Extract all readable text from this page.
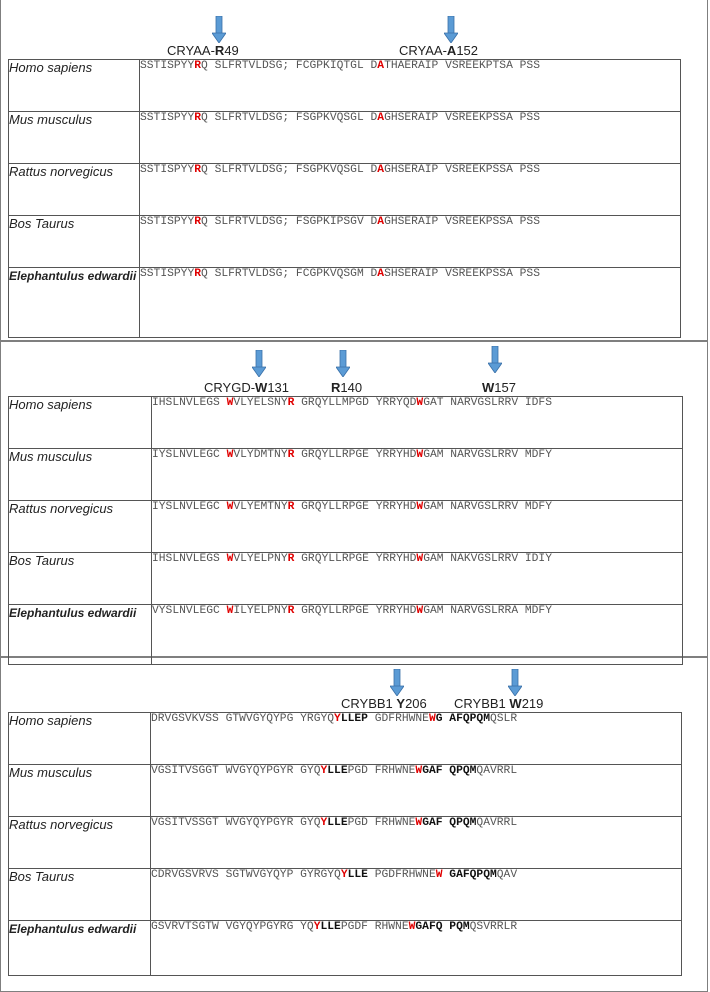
CRYAA-R49	CRYAA-A152
Homo sapiens	SSTISPYYRQ SLFRTVLDSG; FCGPKIQTGL DATHAERAIP VSREEKPTSA PSS
Mus musculus	SSTISPYYRQ SLFRTVLDSG; FSGPKVQSGL DAGHSERAIP VSREEKPSSA PSS
Rattus norvegicus	SSTISPYYRQ SLFRTVLDSG; FSGPKVQSGL DAGHSERAIP VSREEKPSSA PSS
Bos Taurus	SSTISPYYRQ SLFRTVLDSG; FSGPKIPSGV DAGHSERAIP VSREEKPSSA PSS
Elephantulus edwardii	SSTISPYYRQ SLFRTVLDSG; FCGPKVQSGM DASHSERAIP VSREEKPSSA PSS
CRYGD-W131	R140	W157
Homo sapiens	IHSLNVLEGS WVLYELSNYR GRQYLLMPGD YRRYQDWGAT NARVGSLRRV IDFS
Mus musculus	IYSLNVLEGC WVLYDMTNYR GRQYLLRPGE YRRYHDWGAM NARVGSLRRV MDFY
Rattus norvegicus	IYSLNVLEGC WVLYEMTNYR GRQYLLRPGE YRRYHDWGAM NARVGSLRRV MDFY
Bos Taurus	IHSLNVLEGS WVLYELPNYR GRQYLLRPGE YRRYHDWGAM NAKVGSLRRV IDIY
Elephantulus edwardii	VYSLNVLEGC WILYELPNYR GRQYLLRPGE YRRYHDWGAM NARVGSLRRA MDFY
CRYBB1 Y206 CRYBB1 W219
Homo sapiens	DRVGSVKVSS GTWVGYQYPG YRGYQYLLEP GDFRHWNEWG AFQPQMQSLR
Mus musculus	VGSITVSGGT WVGYQYPGYR GYQYLLEPGD FRHWNEWGAF QPQMQAVRRL
Rattus norvegicus	VGSITVSSGT WVGYQYPGYR GYQYLLEPGD FRHWNEWGAF QPQMQAVRRL
Bos Taurus	CDRVGSVRVS SGTWVGYQYP GYRGYQYLLE PGDFRHWNEW GAFQPQMQAV
Elephantulus edwardii	GSVRVTSGTW VGYQYPGYRG YQYLLEPGDF RHWNEWGAFQ PQMQSVRRLR
